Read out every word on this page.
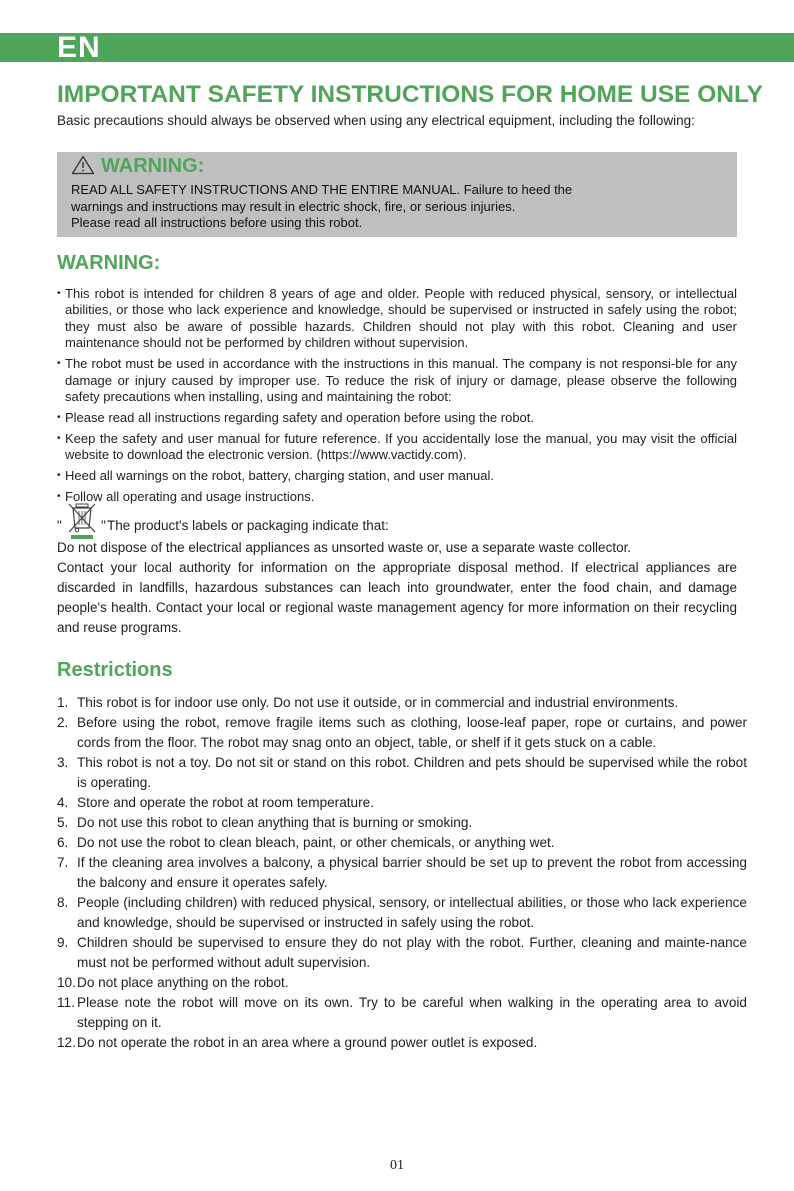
EN
IMPORTANT SAFETY INSTRUCTIONS FOR HOME USE ONLY
Basic precautions should always be observed when using any electrical equipment, including the following:
WARNING:
READ ALL SAFETY INSTRUCTIONS AND THE ENTIRE MANUAL. Failure to heed the
warnings and instructions may result in electric shock, fire, or serious injuries.
Please read all instructions before using this robot.
WARNING:
• This robot is intended for children 8 years of age and older. People with reduced physical, sensory, or intellectual abilities, or those who lack experience and knowledge, should be supervised or instructed in safely using the robot; they must also be aware of possible hazards. Children should not play with this robot. Cleaning and user maintenance should not be performed by children without supervision.
• The robot must be used in accordance with the instructions in this manual. The company is not responsi-ble for any damage or injury caused by improper use. To reduce the risk of injury or damage, please observe the following safety precautions when installing, using and maintaining the robot:
• Please read all instructions regarding safety and operation before using the robot.
• Keep the safety and user manual for future reference. If you accidentally lose the manual, you may visit the official website to download the electronic version. (https://www.vactidy.com).
• Heed all warnings on the robot, battery, charging station, and user manual.
• Follow all operating and usage instructions.
"	" The product's labels or packaging indicate that:
Do not dispose of the electrical appliances as unsorted waste or, use a separate waste collector.
Contact your local authority for information on the appropriate disposal method. If electrical appliances are discarded in landfills, hazardous substances can leach into groundwater, enter the food chain, and damage people's health. Contact your local or regional waste management agency for more information on their recycling and reuse programs.
Restrictions
1. This robot is for indoor use only. Do not use it outside, or in commercial and industrial environments.
2. Before using the robot, remove fragile items such as clothing, loose-leaf paper, rope or curtains, and power cords from the floor. The robot may snag onto an object, table, or shelf if it gets stuck on a cable.
3. This robot is not a toy. Do not sit or stand on this robot. Children and pets should be supervised while the robot is operating.
4. Store and operate the robot at room temperature.
5. Do not use this robot to clean anything that is burning or smoking.
6. Do not use the robot to clean bleach, paint, or other chemicals, or anything wet.
7. If the cleaning area involves a balcony, a physical barrier should be set up to prevent the robot from accessing the balcony and ensure it operates safely.
8. People (including children) with reduced physical, sensory, or intellectual abilities, or those who lack experience and knowledge, should be supervised or instructed in safely using the robot.
9. Children should be supervised to ensure they do not play with the robot. Further, cleaning and mainte-nance must not be performed without adult supervision.
10. Do not place anything on the robot.
11. Please note the robot will move on its own. Try to be careful when walking in the operating area to avoid stepping on it.
12. Do not operate the robot in an area where a ground power outlet is exposed.
01
